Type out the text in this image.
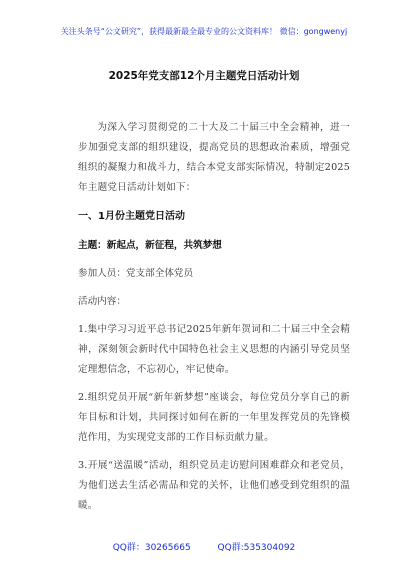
关注头条号“公文研究”，获得最新最全最专业的公文资料库！ 微信：gongwenyj
2025年党支部12个月主题党日活动计划

为深入学习贯彻党的二十大及二十届三中全会精神，进一步加强党支部的组织建设，提高党员的思想政治素质，增强党组织的凝聚力和战斗力，结合本党支部实际情况，特制定2025年主题党日活动计划如下：

一、1月份主题党日活动
主题：新起点，新征程，共筑梦想

参加人员：党支部全体党员

活动内容：

1.集中学习习近平总书记2025年新年贺词和二十届三中全会精神，深刻领会新时代中国特色社会主义思想的内涵引导党员坚定理想信念，不忘初心，牢记使命。

2.组织党员开展“新年新梦想”座谈会，每位党员分享自己的新年目标和计划，共同探讨如何在新的一年里发挥党员的先锋模范作用，为实现党支部的工作目标贡献力量。

3.开展“送温暖”活动，组织党员走访慰问困难群众和老党员，为他们送去生活必需品和党的关怀，让他们感受到党组织的温暖。

QQ群：30265665	QQ群:535304092
